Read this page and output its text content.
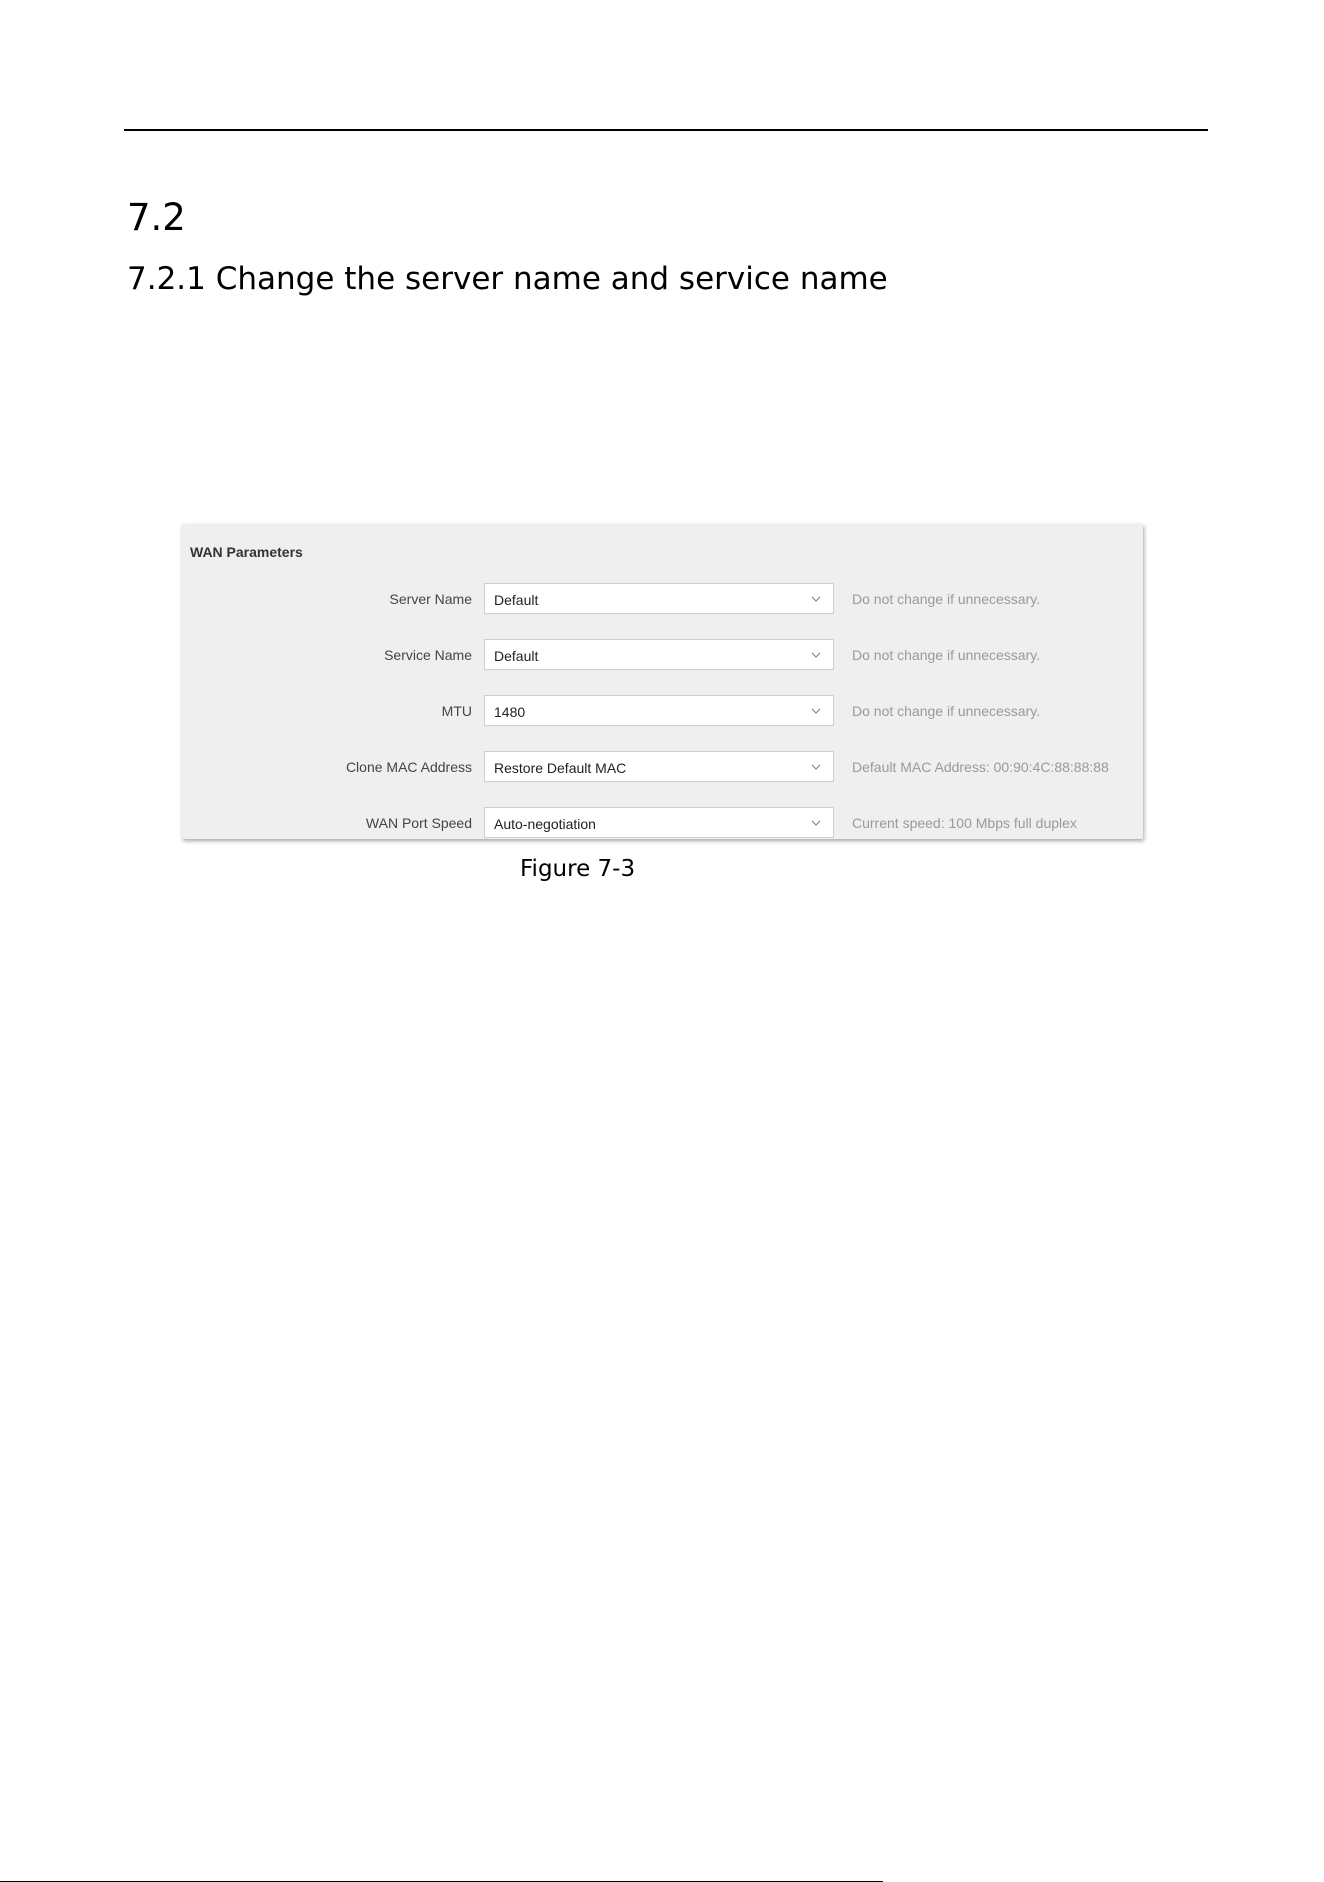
7.2
7.2.1 Change the server name and service name
WAN Parameters
Server Name Default	Do not change if unnecessary.
Service Name Default	Do not change if unnecessary.
MTU 1480	Do not change if unnecessary.
Clone MAC Address Restore Default MAC	Default MAC Address: 00:90:4C:88:88:88
WAN Port Speed Auto-negotiation	Current speed: 100 Mbps full duplex
Figure 7-3
